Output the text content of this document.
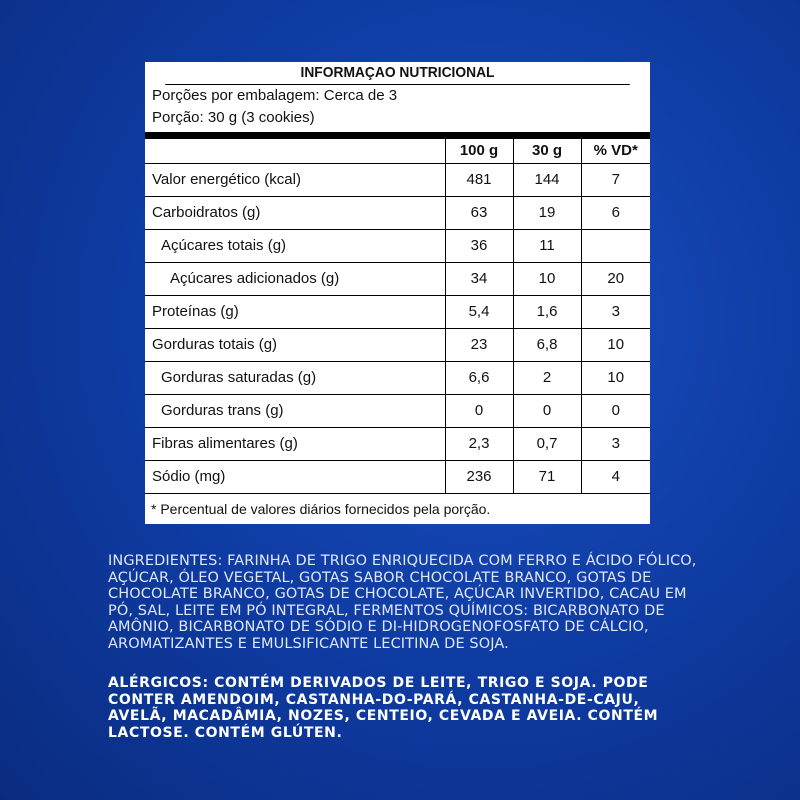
INFORMAÇAO NUTRICIONAL
Porções por embalagem: Cerca de 3
Porção: 30 g (3 cookies)
	100 g	30 g	% VD*
Valor energético (kcal)	481	144	7
Carboidratos (g)	63	19	6
Açúcares totais (g)	36	11	
Açúcares adicionados (g)	34	10	20
Proteínas (g)	5,4	1,6	3
Gorduras totais (g)	23	6,8	10
Gorduras saturadas (g)	6,6	2	10
Gorduras trans (g)	0	0	0
Fibras alimentares (g)	2,3	0,7	3
Sódio (mg)	236	71	4
* Percentual de valores diários fornecidos pela porção.
INGREDIENTES: FARINHA DE TRIGO ENRIQUECIDA COM FERRO E ÁCIDO FÓLICO, AÇÚCAR, ÓLEO VEGETAL, GOTAS SABOR CHOCOLATE BRANCO, GOTAS DE CHOCOLATE BRANCO, GOTAS DE CHOCOLATE, AÇÚCAR INVERTIDO, CACAU EM PÓ, SAL, LEITE EM PÓ INTEGRAL, FERMENTOS QUÍMICOS: BICARBONATO DE AMÔNIO, BICARBONATO DE SÓDIO E DI-HIDROGENOFOSFATO DE CÁLCIO, AROMATIZANTES E EMULSIFICANTE LECITINA DE SOJA.
ALÉRGICOS: CONTÉM DERIVADOS DE LEITE, TRIGO E SOJA. PODE CONTER AMENDOIM, CASTANHA-DO-PARÁ, CASTANHA-DE-CAJU, AVELÃ, MACADÂMIA, NOZES, CENTEIO, CEVADA E AVEIA. CONTÉM LACTOSE. CONTÉM GLÚTEN.
